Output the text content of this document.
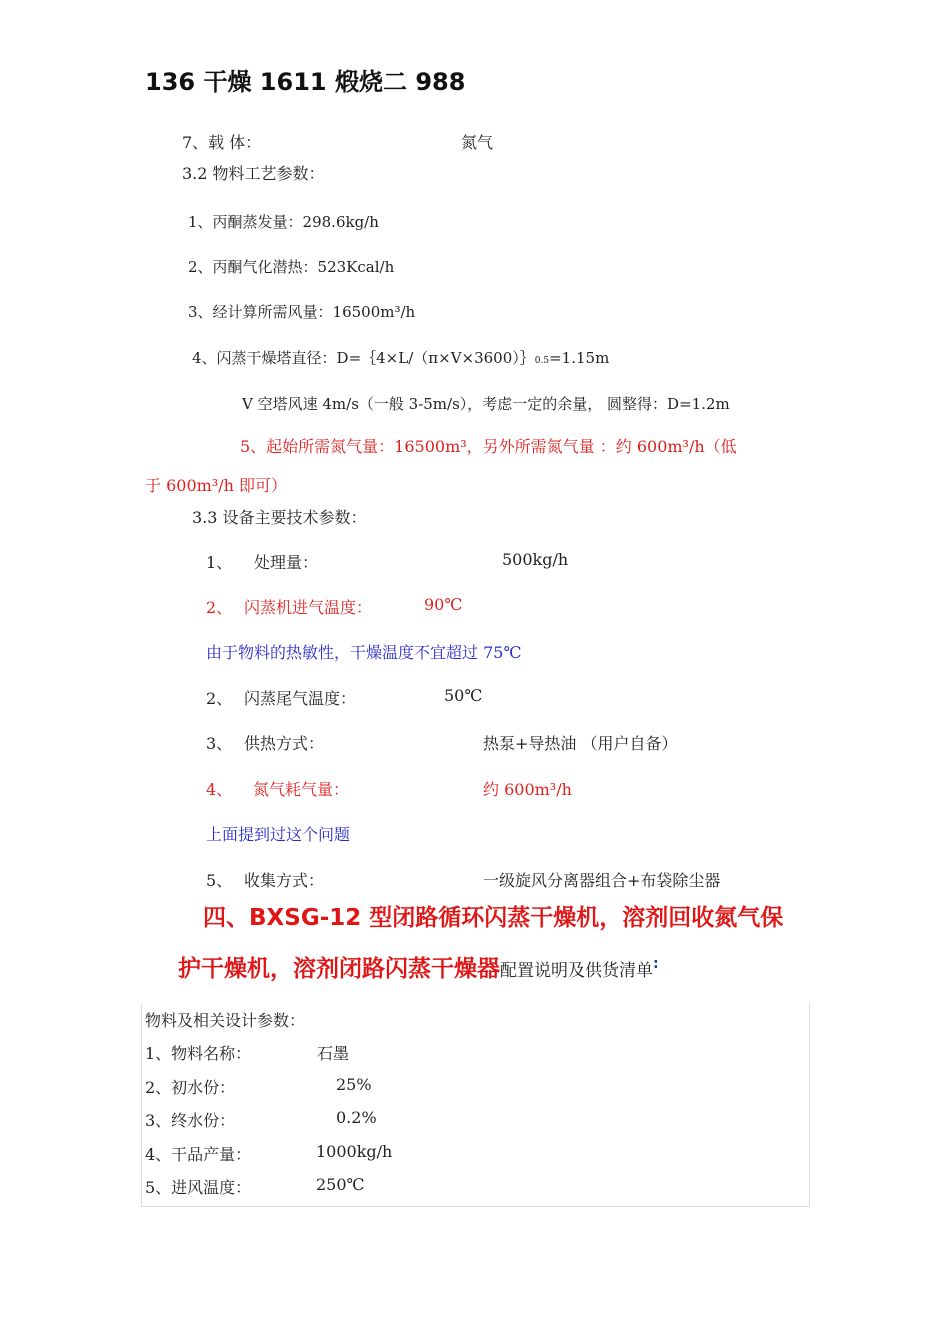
136 干燥 1611 煅烧二 988
7、载 体：	氮气
3.2 物料工艺参数：
1、丙酮蒸发量：298.6kg/h
2、丙酮气化潜热：523Kcal/h
3、经计算所需风量：16500m³/h
4、闪蒸干燥塔直径：D=｛4×L/（π×V×3600）｝0.5=1.15m
V 空塔风速 4m/s（一般 3-5m/s），考虑一定的余量， 圆整得：D=1.2m
5、起始所需氮气量：16500m³，另外所需氮气量 ：约 600m³/h（低
于 600m³/h 即可）
3.3 设备主要技术参数：
1、 处理量：	500kg/h
2、 闪蒸机进气温度：	90℃
由于物料的热敏性，干燥温度不宜超过 75℃
2、 闪蒸尾气温度：	50℃
3、 供热方式：	热泵+导热油 （用户自备）
4、 氮气耗气量：	约 600m³/h
上面提到过这个问题
5、 收集方式：	一级旋风分离器组合+布袋除尘器
四、BXSG-12 型闭路循环闪蒸干燥机，溶剂回收氮气保
护干燥机，溶剂闭路闪蒸干燥器配置说明及供货清单:
物料及相关设计参数：
1、物料名称：	石墨
2、初水份：	25%
3、终水份：	0.2%
4、干品产量：	1000kg/h
5、进风温度：	250℃
